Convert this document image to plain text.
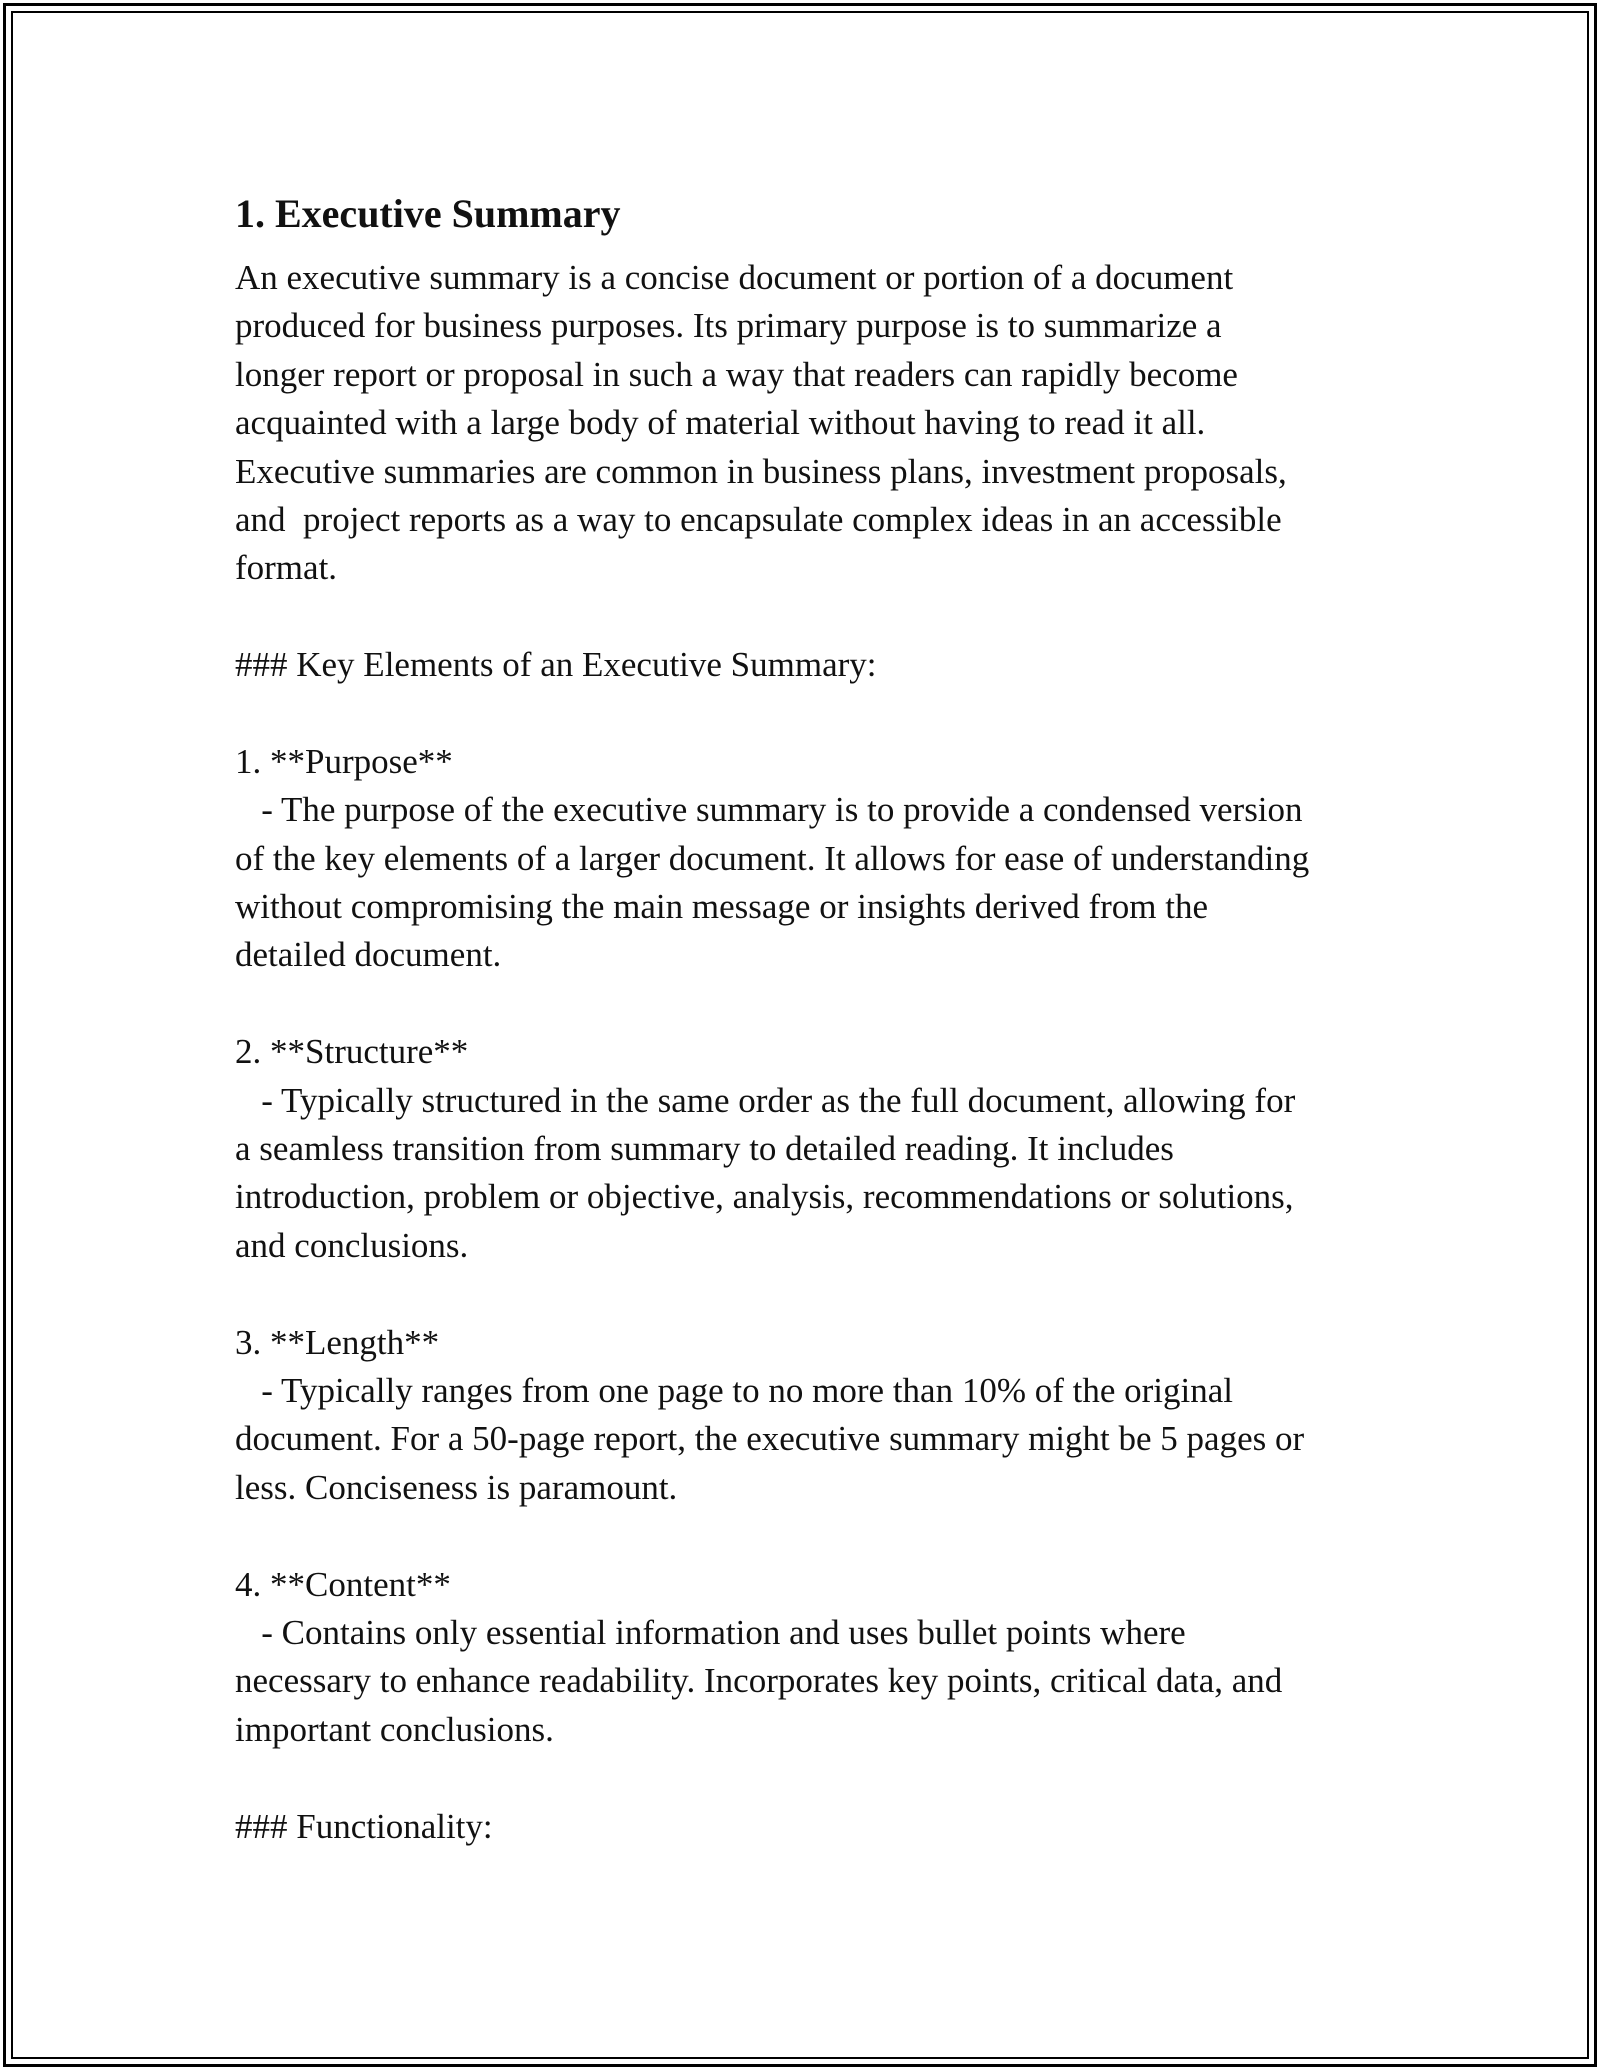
1. Executive Summary
An executive summary is a concise document or portion of a document
produced for business purposes. Its primary purpose is to summarize a
longer report or proposal in such a way that readers can rapidly become
acquainted with a large body of material without having to read it all.
Executive summaries are common in business plans, investment proposals,
and  project reports as a way to encapsulate complex ideas in an accessible
format.
### Key Elements of an Executive Summary:
1. **Purpose**
- The purpose of the executive summary is to provide a condensed version
of the key elements of a larger document. It allows for ease of understanding
without compromising the main message or insights derived from the
detailed document.
2. **Structure**
- Typically structured in the same order as the full document, allowing for
a seamless transition from summary to detailed reading. It includes
introduction, problem or objective, analysis, recommendations or solutions,
and conclusions.
3. **Length**
- Typically ranges from one page to no more than 10% of the original
document. For a 50-page report, the executive summary might be 5 pages or
less. Conciseness is paramount.
4. **Content**
- Contains only essential information and uses bullet points where
necessary to enhance readability. Incorporates key points, critical data, and
important conclusions.
### Functionality:
